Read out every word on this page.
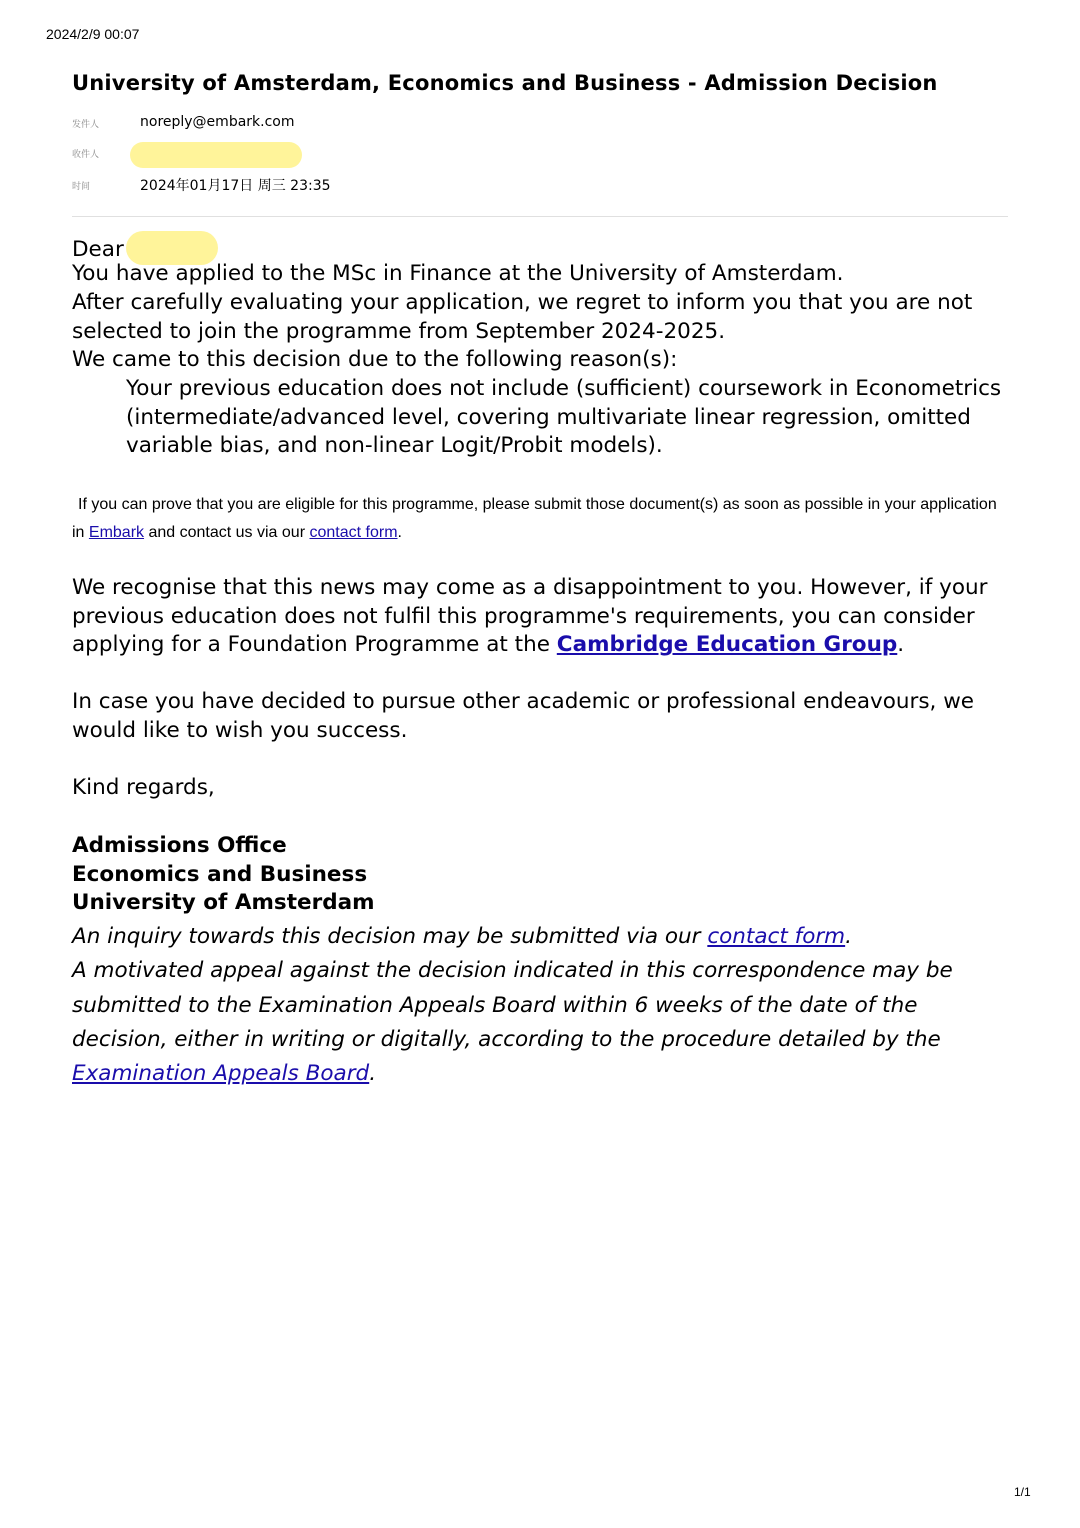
2024/2/9 00:07
University of Amsterdam, Economics and Business - Admission Decision
发件人	noreply@embark.com
收件人
时间	2024年01月17日 周三 23:35
Dear
You have applied to the MSc in Finance at the University of Amsterdam.
After carefully evaluating your application, we regret to inform you that you are not selected to join the programme from September 2024-2025.
We came to this decision due to the following reason(s):
Your previous education does not include (sufficient) coursework in Econometrics (intermediate/advanced level, covering multivariate linear regression, omitted variable bias, and non-linear Logit/Probit models).
If you can prove that you are eligible for this programme, please submit those document(s) as soon as possible in your application in Embark and contact us via our contact form.
We recognise that this news may come as a disappointment to you. However, if your previous education does not fulfil this programme's requirements, you can consider applying for a Foundation Programme at the Cambridge Education Group.
In case you have decided to pursue other academic or professional endeavours, we would like to wish you success.
Kind regards,
Admissions Office
Economics and Business
University of Amsterdam
An inquiry towards this decision may be submitted via our contact form.
A motivated appeal against the decision indicated in this correspondence may be submitted to the Examination Appeals Board within 6 weeks of the date of the decision, either in writing or digitally, according to the procedure detailed by the Examination Appeals Board.
1/1
